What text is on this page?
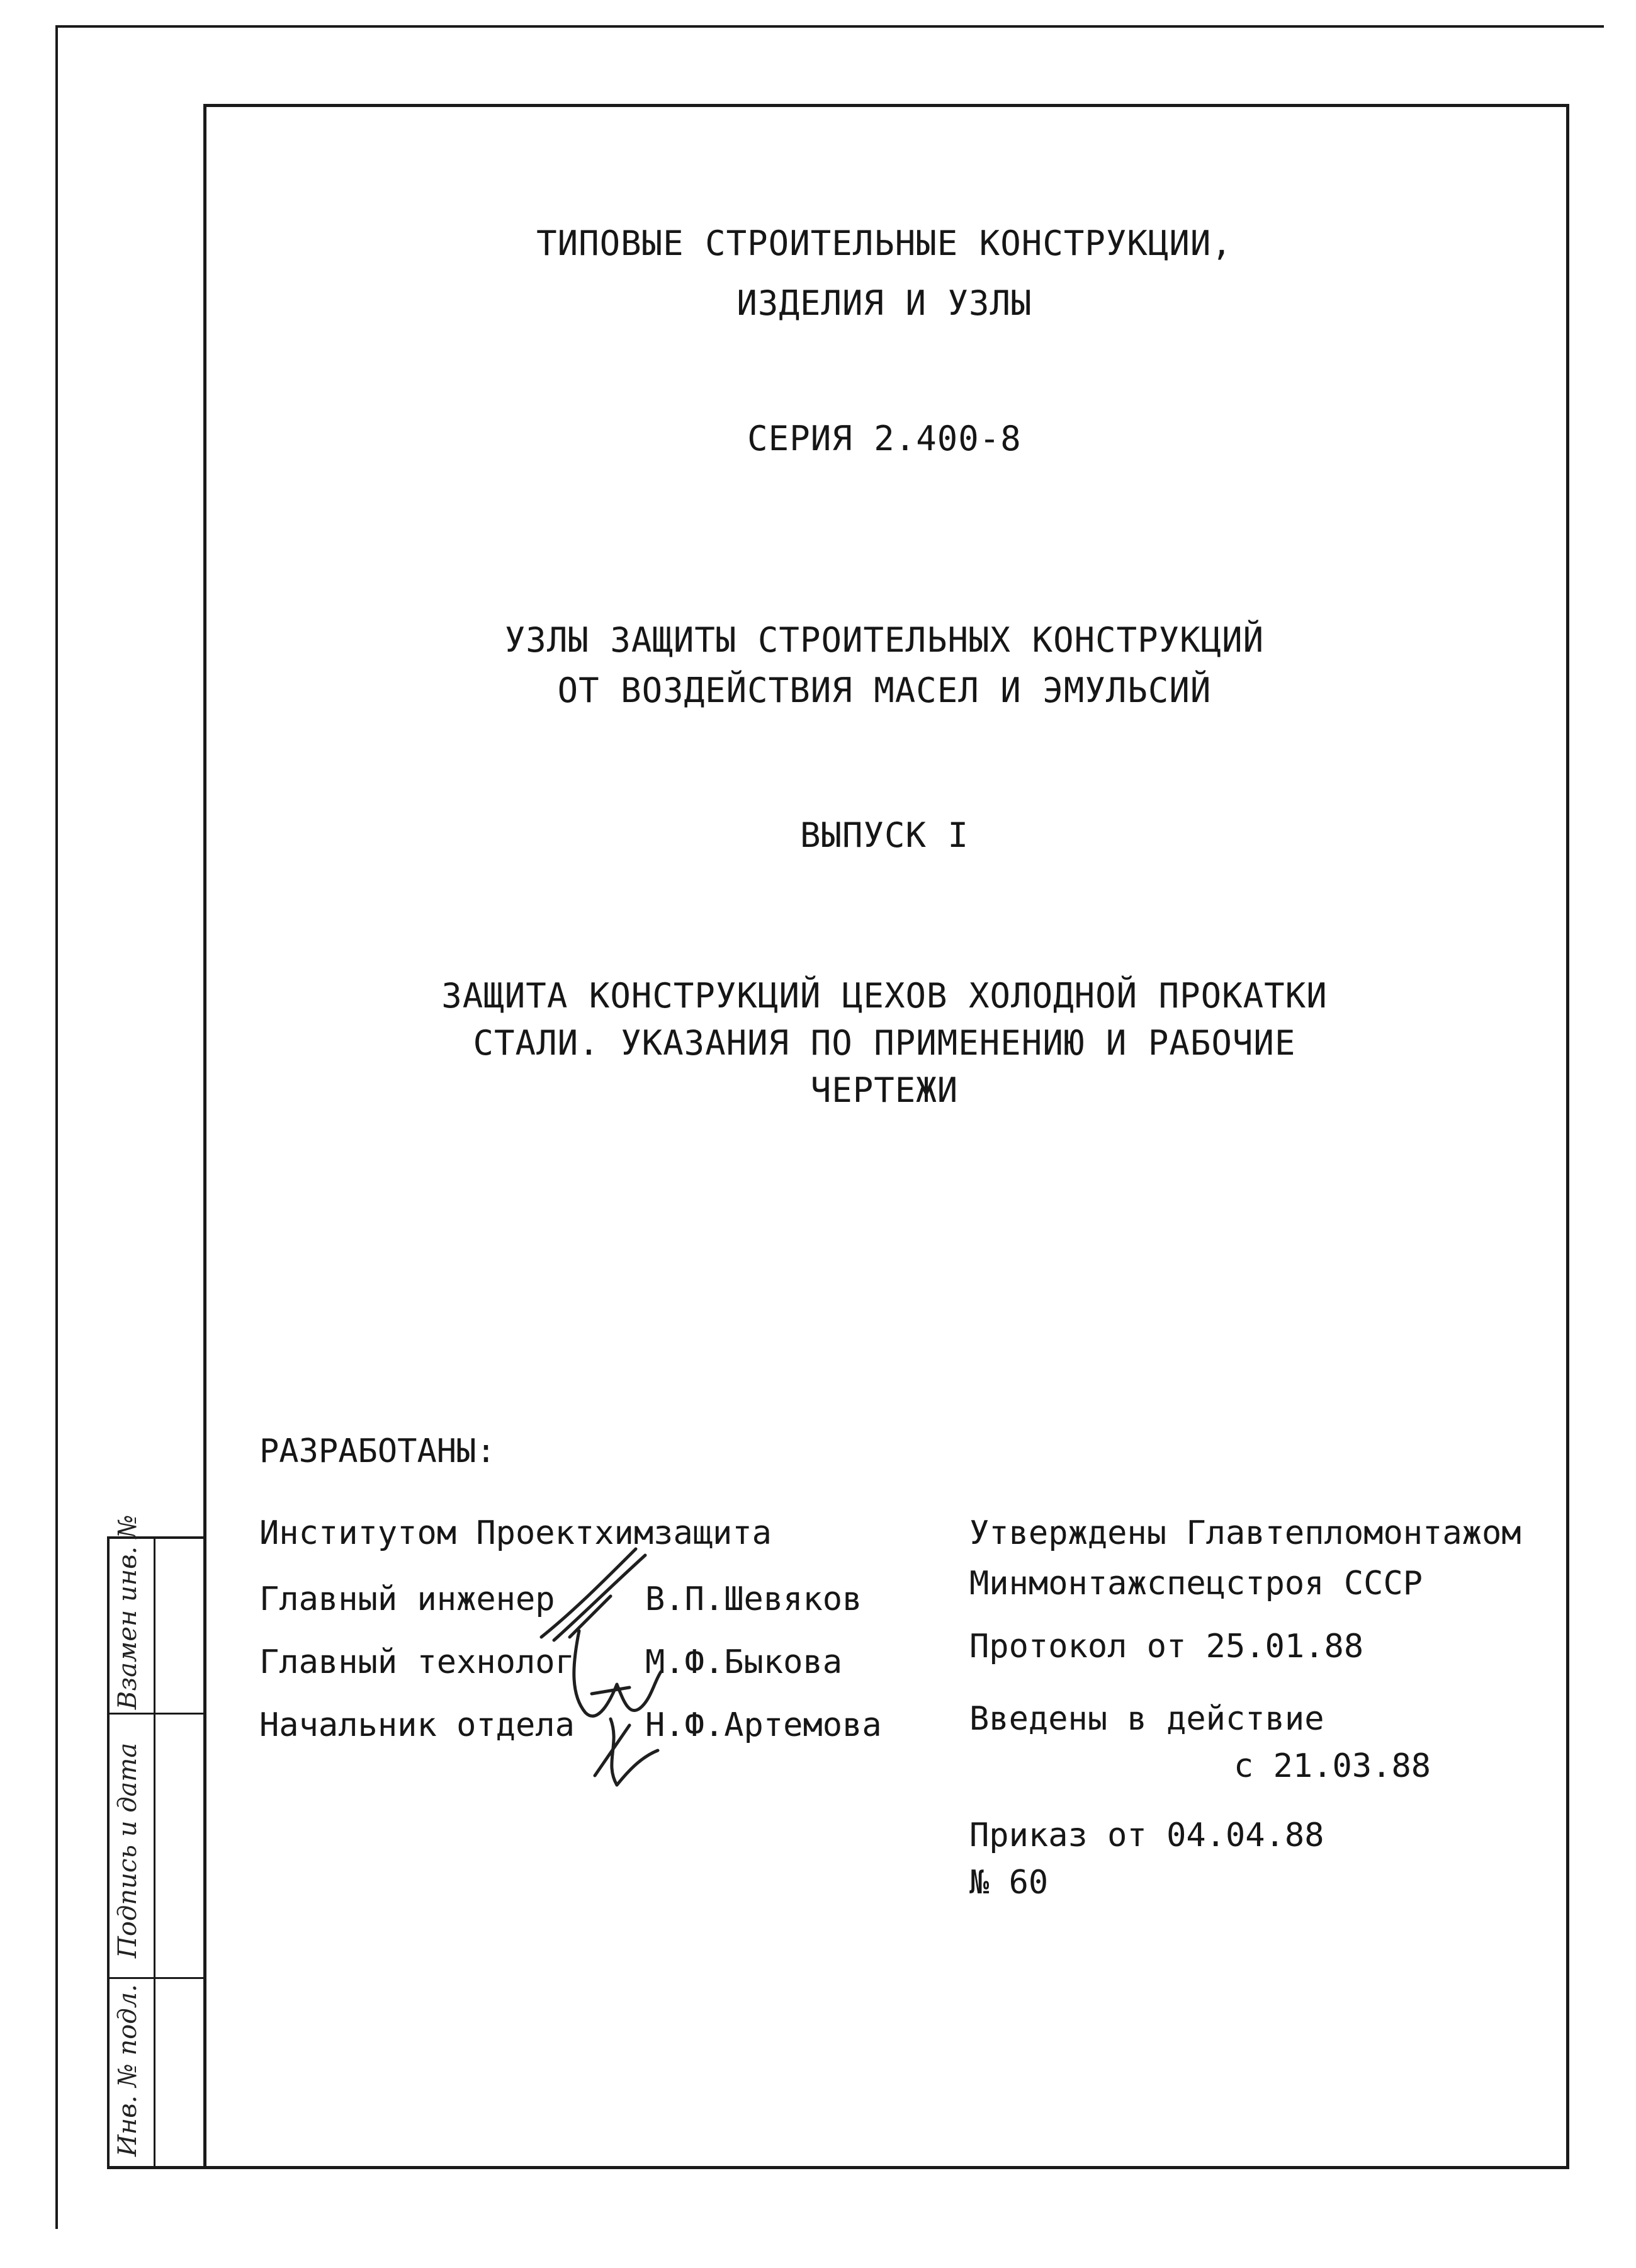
Взамен инв. №
Подпись и дата
Инв. № подл.
ТИПОВЫЕ СТРОИТЕЛЬНЫЕ КОНСТРУКЦИИ,
ИЗДЕЛИЯ И УЗЛЫ
СЕРИЯ 2.400-8
УЗЛЫ ЗАЩИТЫ СТРОИТЕЛЬНЫХ КОНСТРУКЦИЙ
ОТ ВОЗДЕЙСТВИЯ МАСЕЛ И ЭМУЛЬСИЙ
ВЫПУСК I
ЗАЩИТА КОНСТРУКЦИЙ ЦЕХОВ ХОЛОДНОЙ ПРОКАТКИ
СТАЛИ. УКАЗАНИЯ ПО ПРИМЕНЕНИЮ И РАБОЧИЕ
ЧЕРТЕЖИ
РАЗРАБОТАНЫ:
Институтом Проектхимзащита
Главный инженер	В.П.Шевяков
Главный технолог М.Ф.Быкова
Начальник отдела Н.Ф.Артемова
Утверждены Главтепломонтажом
Минмонтажспецстроя СССР
Протокол от 25.01.88
Введены в действие
с 21.03.88
Приказ от 04.04.88
№ 60
